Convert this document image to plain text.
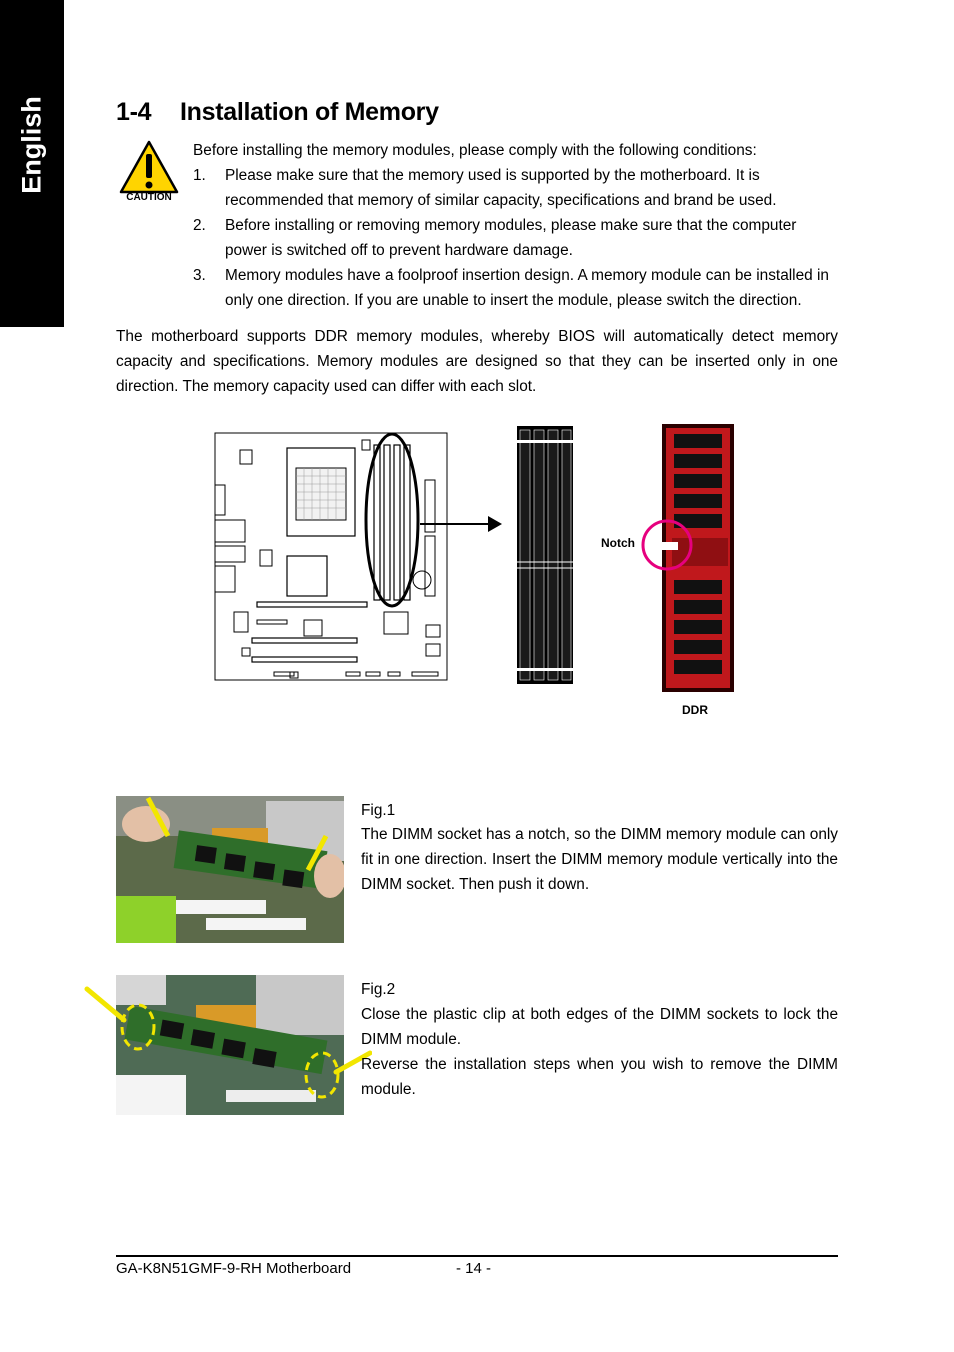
English	1-4 Installation of Memory
CAUTION
Before installing the memory modules, please comply with the following conditions:
1. Please make sure that the memory used is supported by the motherboard. It is recommended that memory of similar capacity, specifications and brand be used.
2. Before installing or removing memory modules, please make sure that the computer power is switched off to prevent hardware damage.
3. Memory modules have a foolproof insertion design. A memory module can be installed in only one direction. If you are unable to insert the module, please switch the direction.
The motherboard supports DDR memory modules, whereby BIOS will automatically detect memory capacity and specifications. Memory modules are designed so that they can be inserted only in one direction. The memory capacity used can differ with each slot.
Notch
DDR
Fig.1
The DIMM socket has a notch, so the DIMM memory module can only fit in one direction. Insert the DIMM memory module vertically into the DIMM socket. Then push it down.
Fig.2
Close the plastic clip at both edges of the DIMM sockets to lock the DIMM module.
Reverse the installation steps when you wish to remove the DIMM module.
GA-K8N51GMF-9-RH Motherboard	- 14 -
